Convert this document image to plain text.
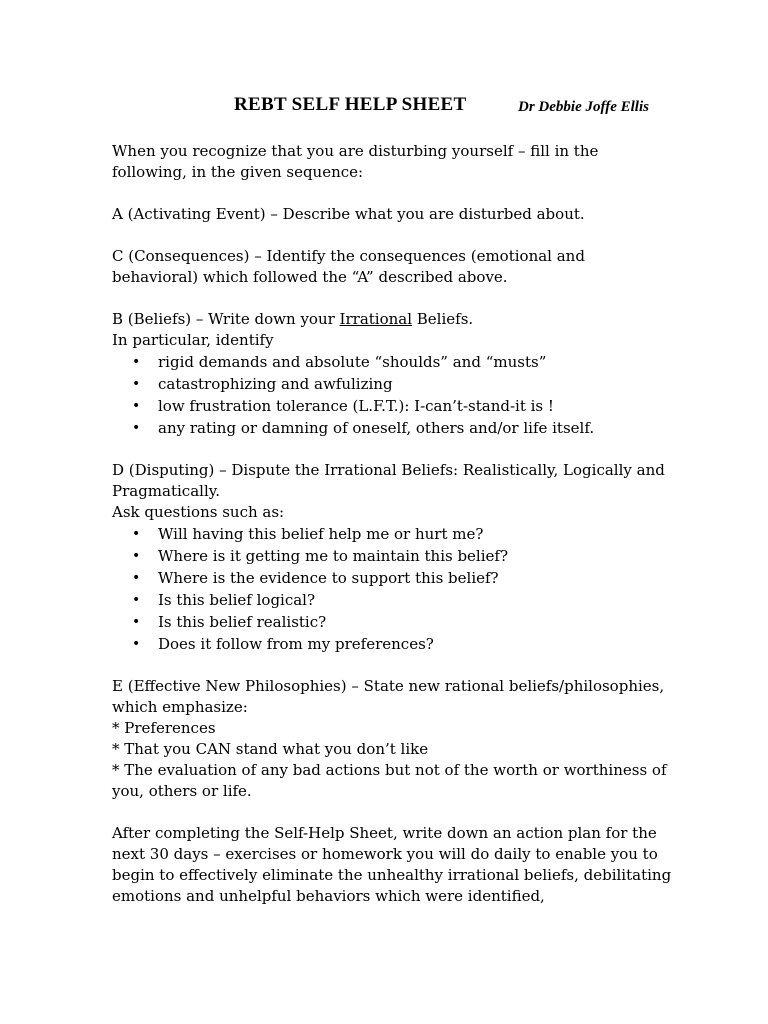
REBT SELF HELP SHEET	Dr Debbie Joffe Ellis

When you recognize that you are disturbing yourself – fill in the following, in the given sequence:

A (Activating Event) – Describe what you are disturbed about.

C (Consequences) – Identify the consequences (emotional and behavioral) which followed the “A” described above.

B (Beliefs) – Write down your Irrational Beliefs.

In particular, identify

• rigid demands and absolute “shoulds” and “musts”
• catastrophizing and awfulizing
• low frustration tolerance (L.F.T.): I-can’t-stand-it is !
• any rating or damning of oneself, others and/or life itself.

D (Disputing) – Dispute the Irrational Beliefs: Realistically, Logically and Pragmatically.

Ask questions such as:

• Will having this belief help me or hurt me?
• Where is it getting me to maintain this belief?
• Where is the evidence to support this belief?
• Is this belief logical?
• Is this belief realistic?
• Does it follow from my preferences?

E (Effective New Philosophies) – State new rational beliefs/philosophies, which emphasize:

* Preferences

* That you CAN stand what you don’t like

* The evaluation of any bad actions but not of the worth or worthiness of you, others or life.

After completing the Self-Help Sheet, write down an action plan for the next 30 days – exercises or homework you will do daily to enable you to begin to effectively eliminate the unhealthy irrational beliefs, debilitating emotions and unhelpful behaviors which were identified,
